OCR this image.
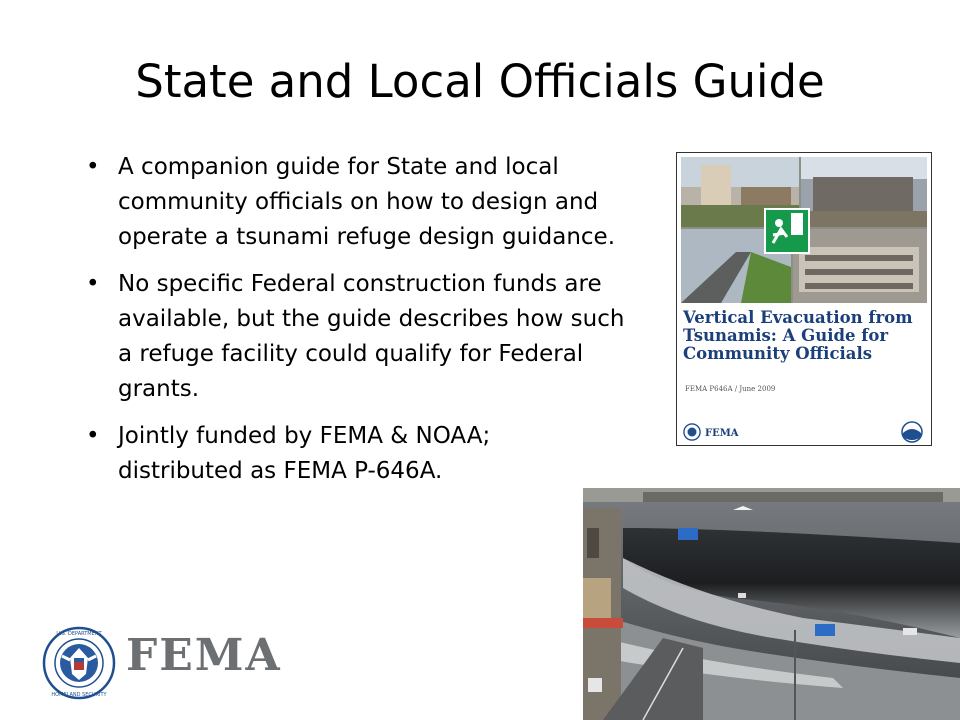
State and Local Officials Guide
• A companion guide for State and local community officials on how to design and operate a tsunami refuge design guidance.
• No specific Federal construction funds are available, but the guide describes how such a refuge facility could qualify for Federal grants.
• Jointly funded by FEMA & NOAA; distributed as FEMA P-646A.
Vertical Evacuation from Tsunamis: A Guide for Community Officials
FEMA P646A / June 2009
FEMA
U.S. DEPARTMENT
HOMELAND SECURITY
FEMA
